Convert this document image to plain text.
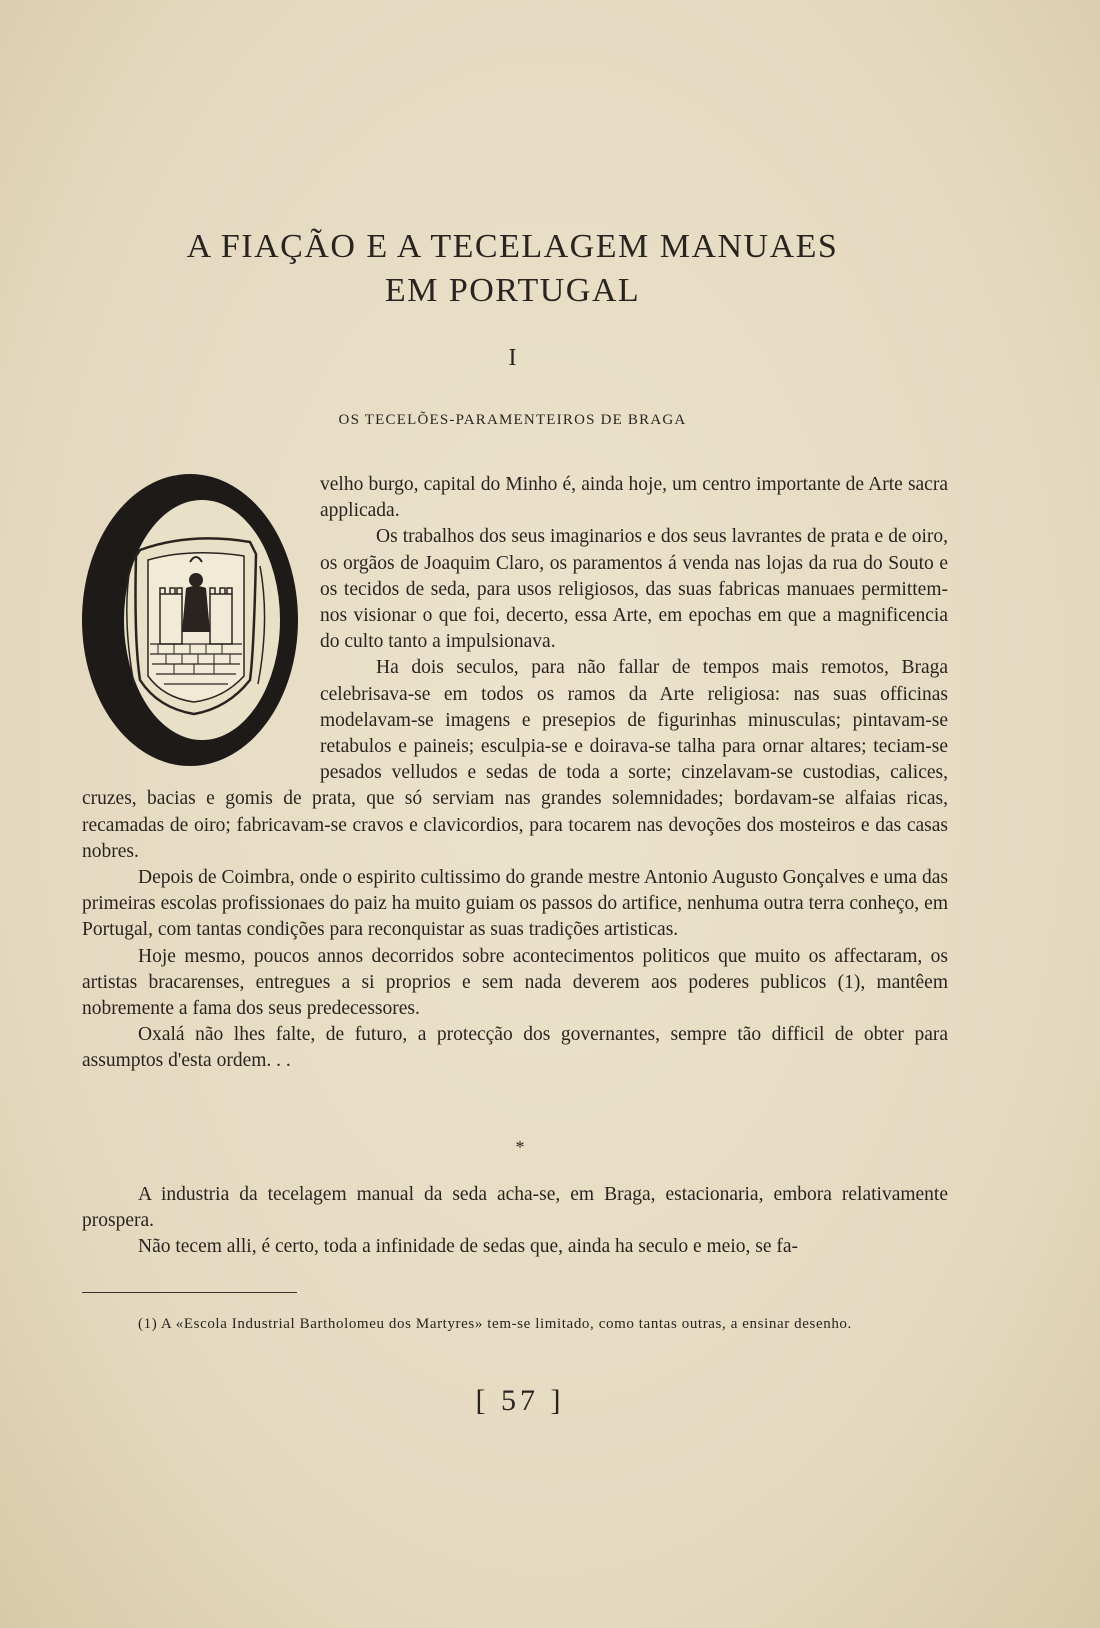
A FIAÇÃO E A TECELAGEM MANUAES
EM PORTUGAL
I
OS TECELÕES-PARAMENTEIROS DE BRAGA

velho burgo, capital do Minho é, ainda hoje, um centro importante de Arte sacra applicada.

Os trabalhos dos seus imaginarios e dos seus lavrantes de prata e de oiro, os orgãos de Joaquim Claro, os paramentos á venda nas lojas da rua do Souto e os tecidos de seda, para usos religiosos, das suas fabricas manuaes permittem-nos visionar o que foi, decerto, essa Arte, em epochas em que a magnificencia do culto tanto a impulsionava.

Ha dois seculos, para não fallar de tempos mais remotos, Braga celebrisava-se em todos os ramos da Arte religiosa: nas suas officinas modelavam-se imagens e presepios de figurinhas minusculas; pintavam-se retabulos e paineis; esculpia-se e doirava-se talha para ornar altares; teciam-se pesados velludos e sedas de toda a sorte; cinzelavam-se custodias, calices, cruzes, bacias e gomis de prata, que só serviam nas grandes solemnidades; bordavam-se alfaias ricas, recamadas de oiro; fabricavam-se cravos e clavicordios, para tocarem nas devoções dos mosteiros e das casas nobres.

Depois de Coimbra, onde o espirito cultissimo do grande mestre Antonio Augusto Gonçalves e uma das primeiras escolas profissionaes do paiz ha muito guiam os passos do artifice, nenhuma outra terra conheço, em Portugal, com tantas condições para reconquistar as suas tradições artisticas.

Hoje mesmo, poucos annos decorridos sobre acontecimentos politicos que muito os affectaram, os artistas bracarenses, entregues a si proprios e sem nada deverem aos poderes publicos (1), mantêem nobremente a fama dos seus predecessores.

Oxalá não lhes falte, de futuro, a protecção dos governantes, sempre tão difficil de obter para assumptos d'esta ordem. . .

*

A industria da tecelagem manual da seda acha-se, em Braga, estacionaria, embora relativamente prospera.

Não tecem alli, é certo, toda a infinidade de sedas que, ainda ha seculo e meio, se fa-

(1) A «Escola Industrial Bartholomeu dos Martyres» tem-se limitado, como tantas outras, a ensinar desenho.

[ 57 ]
